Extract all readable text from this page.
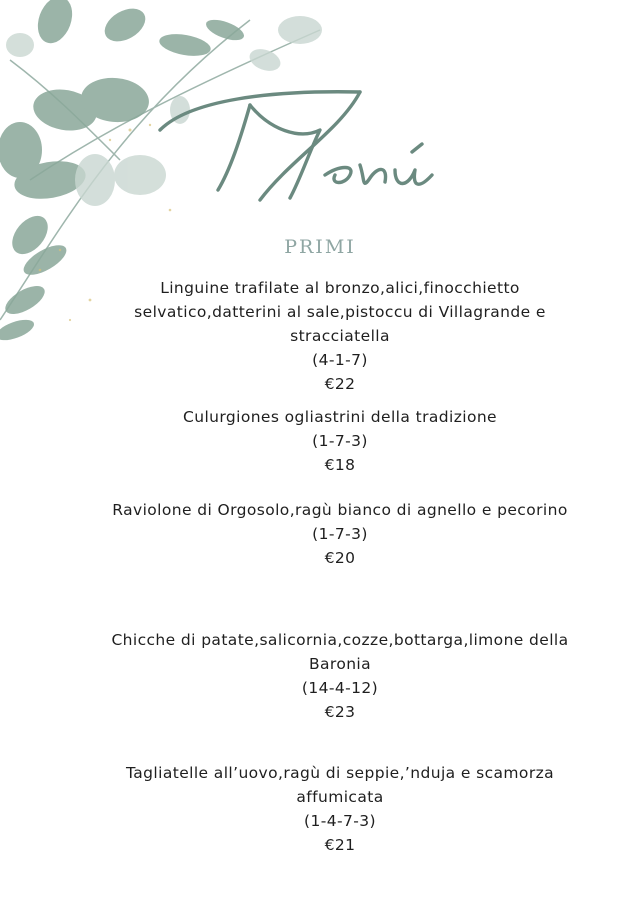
PRIMI
Linguine trafilate al bronzo,alici,finocchietto selvatico,datterini al sale,pistoccu di Villagrande e stracciatella
(4-1-7)
€22
Culurgiones ogliastrini della tradizione
(1-7-3)
€18
Raviolone di Orgosolo,ragù bianco di agnello e pecorino
(1-7-3)
€20
Chicche di patate,salicornia,cozze,bottarga,limone della Baronia
(14-4-12)
€23
Tagliatelle all’uovo,ragù di seppie,’nduja e scamorza affumicata
(1-4-7-3)
€21
